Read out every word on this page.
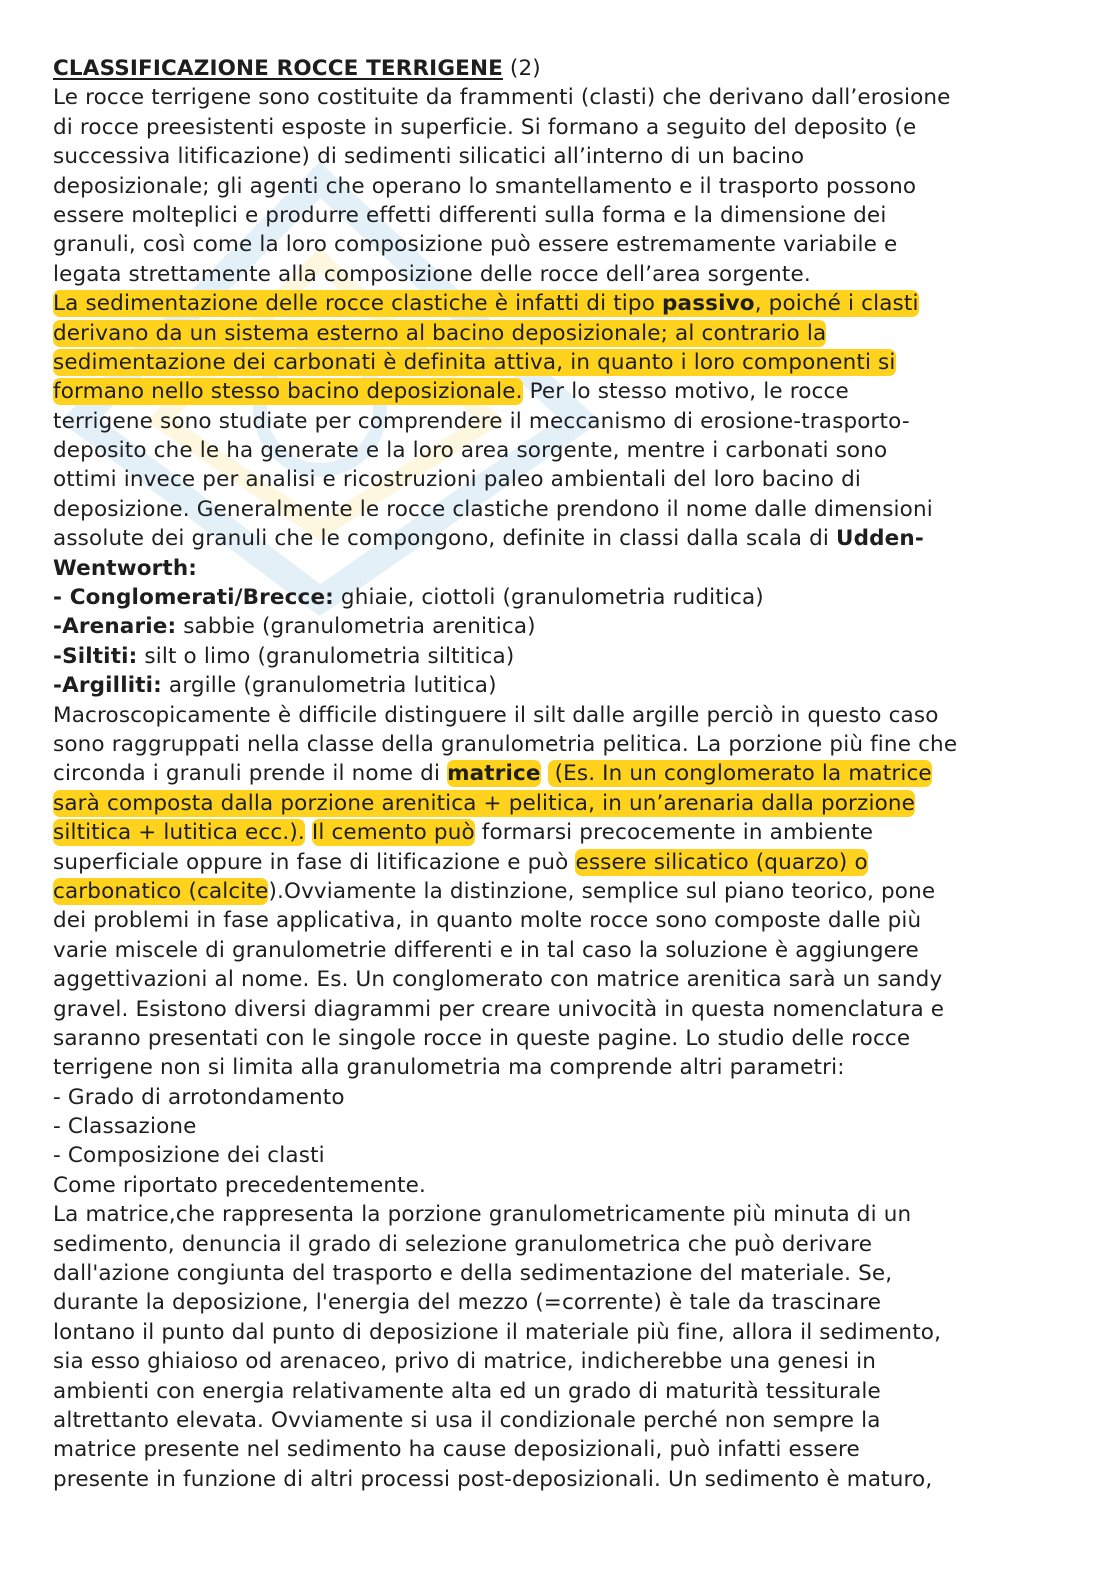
CLASSIFICAZIONE ROCCE TERRIGENE (2)
Le rocce terrigene sono costituite da frammenti (clasti) che derivano dall’erosione
di rocce preesistenti esposte in superficie. Si formano a seguito del deposito (e
successiva litificazione) di sedimenti silicatici all’interno di un bacino
deposizionale; gli agenti che operano lo smantellamento e il trasporto possono
essere molteplici e produrre effetti differenti sulla forma e la dimensione dei
granuli, così come la loro composizione può essere estremamente variabile e
legata strettamente alla composizione delle rocce dell’area sorgente.
La sedimentazione delle rocce clastiche è infatti di tipo passivo, poiché i clasti
derivano da un sistema esterno al bacino deposizionale; al contrario la
sedimentazione dei carbonati è definita attiva, in quanto i loro componenti si
formano nello stesso bacino deposizionale. Per lo stesso motivo, le rocce
terrigene sono studiate per comprendere il meccanismo di erosione-trasporto-
deposito che le ha generate e la loro area sorgente, mentre i carbonati sono
ottimi invece per analisi e ricostruzioni paleo ambientali del loro bacino di
deposizione. Generalmente le rocce clastiche prendono il nome dalle dimensioni
assolute dei granuli che le compongono, definite in classi dalla scala di Udden-
Wentworth:
- Conglomerati/Brecce: ghiaie, ciottoli (granulometria ruditica)
-Arenarie: sabbie (granulometria arenitica)
-Siltiti: silt o limo (granulometria siltitica)
-Argilliti: argille (granulometria lutitica)
Macroscopicamente è difficile distinguere il silt dalle argille perciò in questo caso
sono raggruppati nella classe della granulometria pelitica. La porzione più fine che
circonda i granuli prende il nome di matrice  (Es. In un conglomerato la matrice
sarà composta dalla porzione arenitica + pelitica, in un’arenaria dalla porzione
siltitica + lutitica ecc.). Il cemento può formarsi precocemente in ambiente
superficiale oppure in fase di litificazione e può essere silicatico (quarzo) o
carbonatico (calcite).Ovviamente la distinzione, semplice sul piano teorico, pone
dei problemi in fase applicativa, in quanto molte rocce sono composte dalle più
varie miscele di granulometrie differenti e in tal caso la soluzione è aggiungere
aggettivazioni al nome. Es. Un conglomerato con matrice arenitica sarà un sandy
gravel. Esistono diversi diagrammi per creare univocità in questa nomenclatura e
saranno presentati con le singole rocce in queste pagine. Lo studio delle rocce
terrigene non si limita alla granulometria ma comprende altri parametri:
- Grado di arrotondamento
- Classazione
- Composizione dei clasti
Come riportato precedentemente.
La matrice,che rappresenta la porzione granulometricamente più minuta di un
sedimento, denuncia il grado di selezione granulometrica che può derivare
dall'azione congiunta del trasporto e della sedimentazione del materiale. Se,
durante la deposizione, l'energia del mezzo (=corrente) è tale da trascinare
lontano il punto dal punto di deposizione il materiale più fine, allora il sedimento,
sia esso ghiaioso od arenaceo, privo di matrice, indicherebbe una genesi in
ambienti con energia relativamente alta ed un grado di maturità tessiturale
altrettanto elevata. Ovviamente si usa il condizionale perché non sempre la
matrice presente nel sedimento ha cause deposizionali, può infatti essere
presente in funzione di altri processi post-deposizionali. Un sedimento è maturo,
